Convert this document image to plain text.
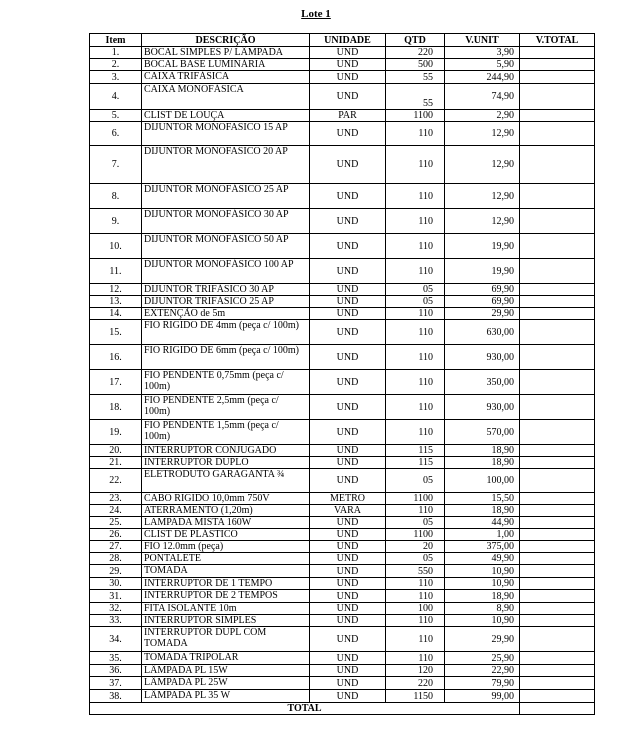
Lote 1
Item	DESCRIÇÃO	UNIDADE	QTD	V.UNIT	V.TOTAL
1.	BOCAL SIMPLES P/ LÂMPADA	UND	220	3,90	
2.	BOCAL BASE LUMINÁRIA	UND	500	5,90	
3.	CAIXA TRIFÁSICA	UND	55	244,90	
4.	CAIXA MONOFÁSICA	UND	55	74,90	
5.	CLIST DE LOUÇA	PAR	1100	2,90	
6.	DIJUNTOR MONOFASICO 15 AP	UND	110	12,90	
7.	DIJUNTOR MONOFASICO 20 AP	UND	110	12,90	
8.	DIJUNTOR MONOFÁSICO 25 AP	UND	110	12,90	
9.	DIJUNTOR MONOFÁSICO 30 AP	UND	110	12,90	
10.	DIJUNTOR MONOFÁSICO 50 AP	UND	110	19,90	
11.	DIJUNTOR MONOFÁSICO 100 AP	UND	110	19,90	
12.	DIJUNTOR TRIFÁSICO 30 AP	UND	05	69,90	
13.	DIJUNTOR TRIFÁSICO 25 AP	UND	05	69,90	
14.	EXTENÇÃO de 5m	UND	110	29,90	
15.	FIO RIGIDO DE 4mm (peça c/ 100m)	UND	110	630,00	
16.	FIO RIGIDO DE 6mm (peça c/ 100m)	UND	110	930,00	
17.	FIO PENDENTE 0,75mm (peça c/ 100m)	UND	110	350,00	
18.	FIO PENDENTE 2,5mm (peça c/ 100m)	UND	110	930,00	
19.	FIO PENDENTE 1,5mm (peça c/ 100m)	UND	110	570,00	
20.	INTERRUPTOR CONJUGADO	UND	115	18,90	
21.	INTERRUPTOR DUPLO	UND	115	18,90	
22.	ELETRODUTO GARAGANTA ¾	UND	05	100,00	
23.	CABO RIGIDO 10,0mm 750V	METRO	1100	15,50	
24.	ATERRAMENTO (1,20m)	VARA	110	18,90	
25.	LAMPADA MISTA 160W	UND	05	44,90	
26.	CLIST DE PLÁSTICO	UND	1100	1,00	
27.	FIO 12.0mm (peça)	UND	20	375,00	
28.	PONTALETE	UND	05	49,90	
29.	TOMADA	UND	550	10,90	
30.	INTERRUPTOR DE 1 TEMPO	UND	110	10,90	
31.	INTERRUPTOR DE 2 TEMPOS	UND	110	18,90	
32.	FITA ISOLANTE 10m	UND	100	8,90	
33.	INTERRUPTOR SIMPLES	UND	110	10,90	
34.	INTERRUPTOR DUPL COM TOMADA	UND	110	29,90	
35.	TOMADA TRIPOLAR	UND	110	25,90	
36.	LÂMPADA PL 15W	UND	120	22,90	
37.	LÂMPADA PL 25W	UND	220	79,90	
38.	LÂMPADA PL 35 W	UND	1150	99,00	
TOTAL					
